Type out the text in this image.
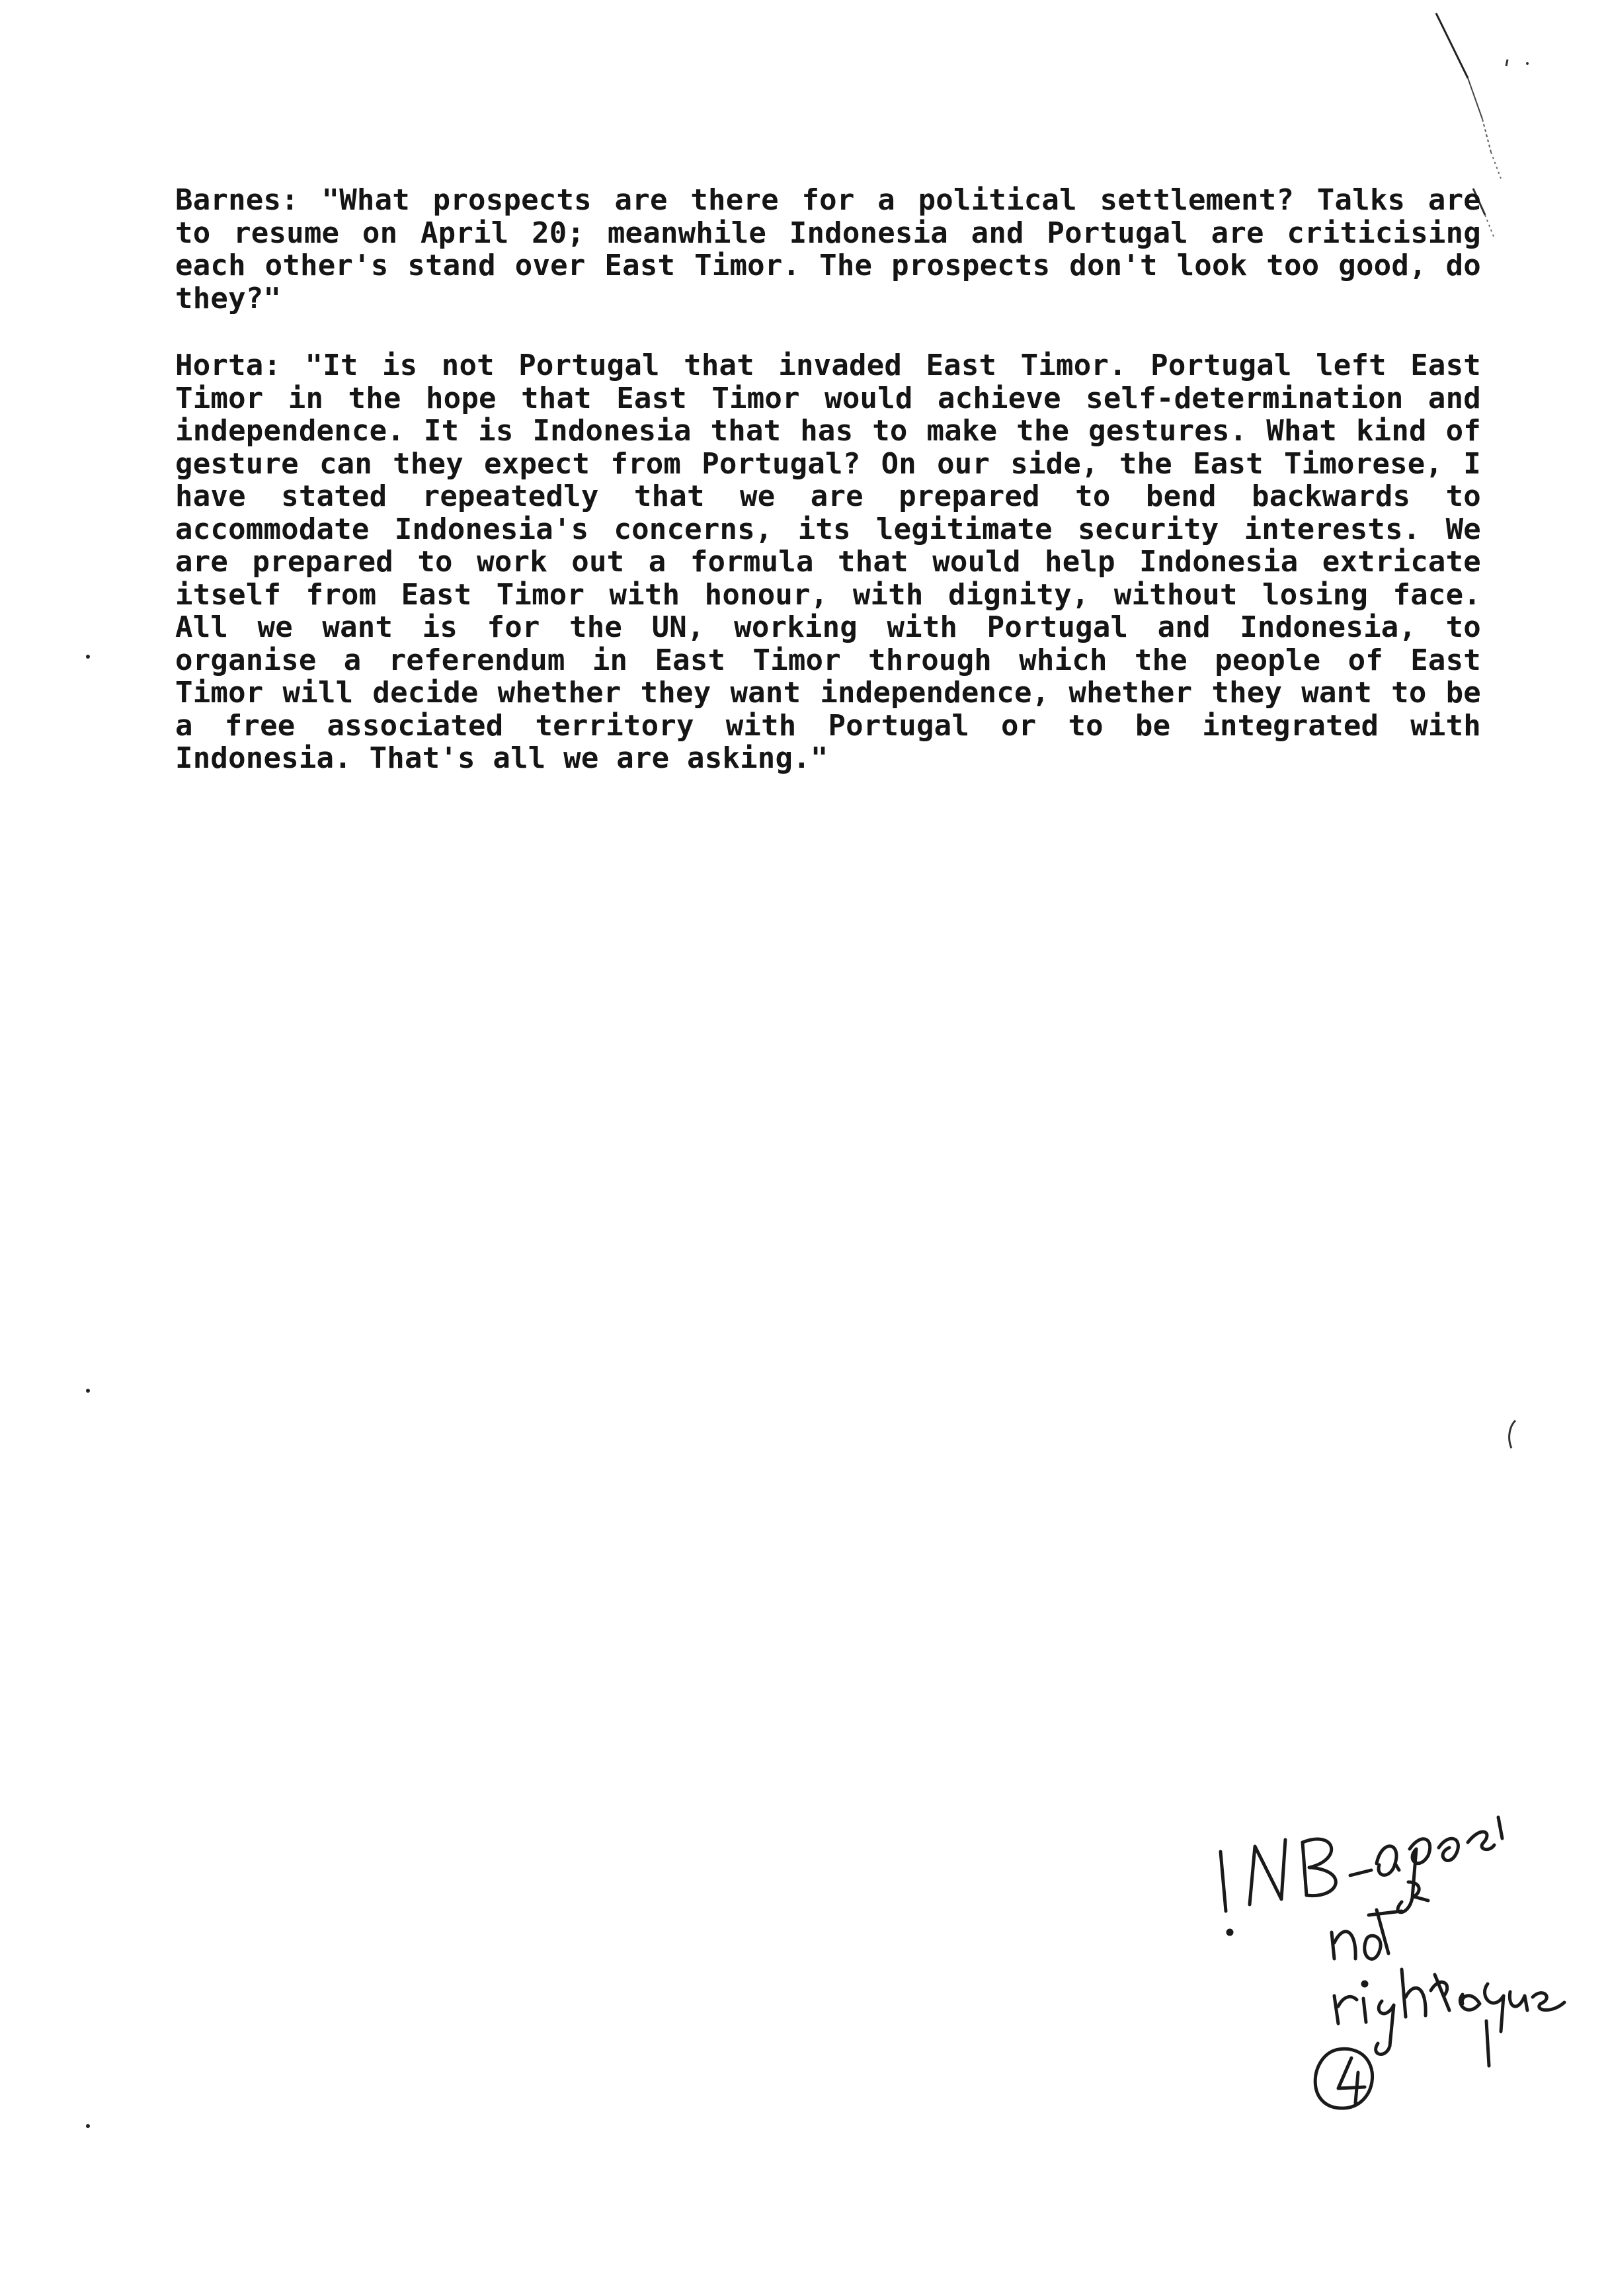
Barnes: "What prospects are there for a political settlement? Talks are to resume on April 20; meanwhile Indonesia and Portugal are criticising each other's stand over East Timor. The prospects don't look too good, do they?"
Horta: "It is not Portugal that invaded East Timor. Portugal left East Timor in the hope that East Timor would achieve self-determination and independence. It is Indonesia that has to make the gestures. What kind of gesture can they expect from Portugal? On our side, the East Timorese, I have stated repeatedly that we are prepared to bend backwards to accommodate Indonesia's concerns, its legitimate security interests. We are prepared to work out a formula that would help Indonesia extricate itself from East Timor with honour, with dignity, without losing face. All we want is for the UN, working with Portugal and Indonesia, to organise a referendum in East Timor through which the people of East Timor will decide whether they want independence, whether they want to be a free associated territory with Portugal or to be integrated with Indonesia. That's all we are asking."
